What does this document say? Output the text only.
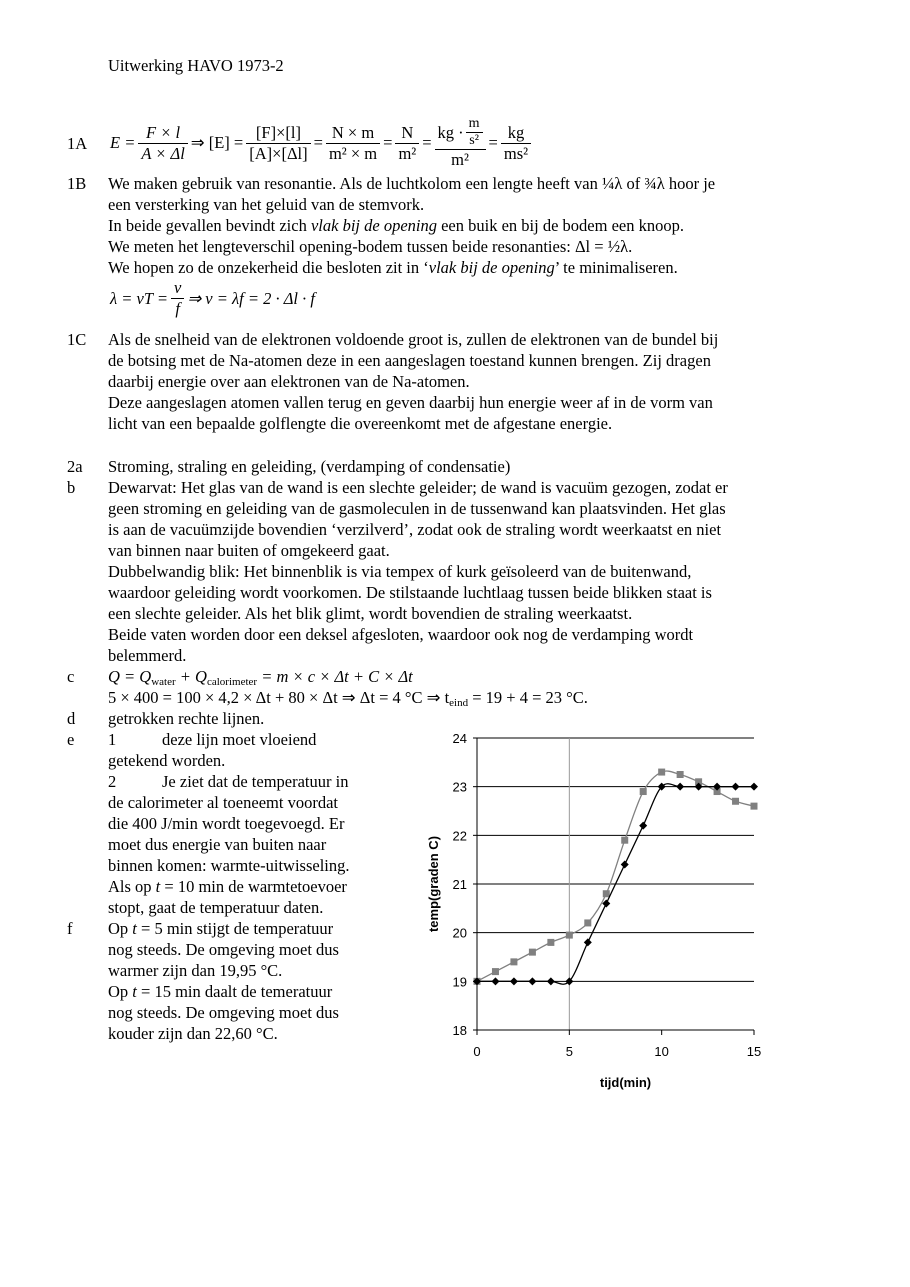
Uitwerking HAVO 1973-2
1A $E = \frac{F \times l}{A \times \Delta l}$ ⇒ $[E] = \frac{[F]\times[l]}{[A]\times[\Delta l]} = \frac{N \times m}{\text{m² × m}} = \frac{N}{\text{m²}} = \frac{kg \cdot \frac{m}{\text{s²}}}{\text{m²}} = \frac{kg}{\text{ms²}}$
1B We maken gebruik van resonantie. Als de luchtkolom een lengte heeft van ¼λ of ¾λ hoor je
een versterking van het geluid van de stemvork.
In beide gevallen bevindt zich vlak bij de opening een buik en bij de bodem een knoop.
We meten het lengteverschil opening-bodem tussen beide resonanties: Δl = ½λ.
We hopen zo de onzekerheid die besloten zit in ‘vlak bij de opening’ te minimaliseren.
λ = vT = $\frac{v}{f}$ ⇒ v = λf = 2 · Δl · f
1C Als de snelheid van de elektronen voldoende groot is, zullen de elektronen van de bundel bij
de botsing met de Na-atomen deze in een aangeslagen toestand kunnen brengen. Zij dragen
daarbij energie over aan elektronen van de Na-atomen.
Deze aangeslagen atomen vallen terug en geven daarbij hun energie weer af in de vorm van
licht van een bepaalde golflengte die overeenkomt met de afgestane energie.
2a Stroming, straling en geleiding, (verdamping of condensatie)
b Dewarvat: Het glas van de wand is een slechte geleider; de wand is vacuüm gezogen, zodat er
geen stroming en geleiding van de gasmoleculen in de tussenwand kan plaatsvinden. Het glas
is aan de vacuümzijde bovendien ‘verzilverd’, zodat ook de straling wordt weerkaatst en niet
van binnen naar buiten of omgekeerd gaat.
Dubbelwandig blik: Het binnenblik is via tempex of kurk geïsoleerd van de buitenwand,
waardoor geleiding wordt voorkomen. De stilstaande luchtlaag tussen beide blikken staat is
een slechte geleider. Als het blik glimt, wordt bovendien de straling weerkaatst.
Beide vaten worden door een deksel afgesloten, waardoor ook nog de verdamping wordt
belemmerd.
c $Q = Q_{water} + Q_{calorimeter} = m \times c \times \Delta t + C \times \Delta t$
5 × 400 = 100 × 4,2 × Δt + 80 × Δt ⇒ Δt = 4 °C ⇒ $t_{eind} = 19 + 4 = 23$ °C.
d getrokken rechte lijnen.
e 1	deze lijn moet vloeiend
getekend worden.
2	Je ziet dat de temperatuur in
de calorimeter al toeneemt voordat
die 400 J/min wordt toegevoegd. Er
moet dus energie van buiten naar
binnen komen: warmte-uitwisseling.
Als op t = 10 min de warmtetoevoer
stopt, gaat de temperatuur daten.
f Op t = 5 min stijgt de temperatuur
nog steeds. De omgeving moet dus
warmer zijn dan 19,95 °C.
Op t = 15 min daalt de temeratuur
nog steeds. De omgeving moet dus
kouder zijn dan 22,60 °C.	18
19
20
21
22
23
24
0	5	10	15
tijd(min)
temp(graden C)
